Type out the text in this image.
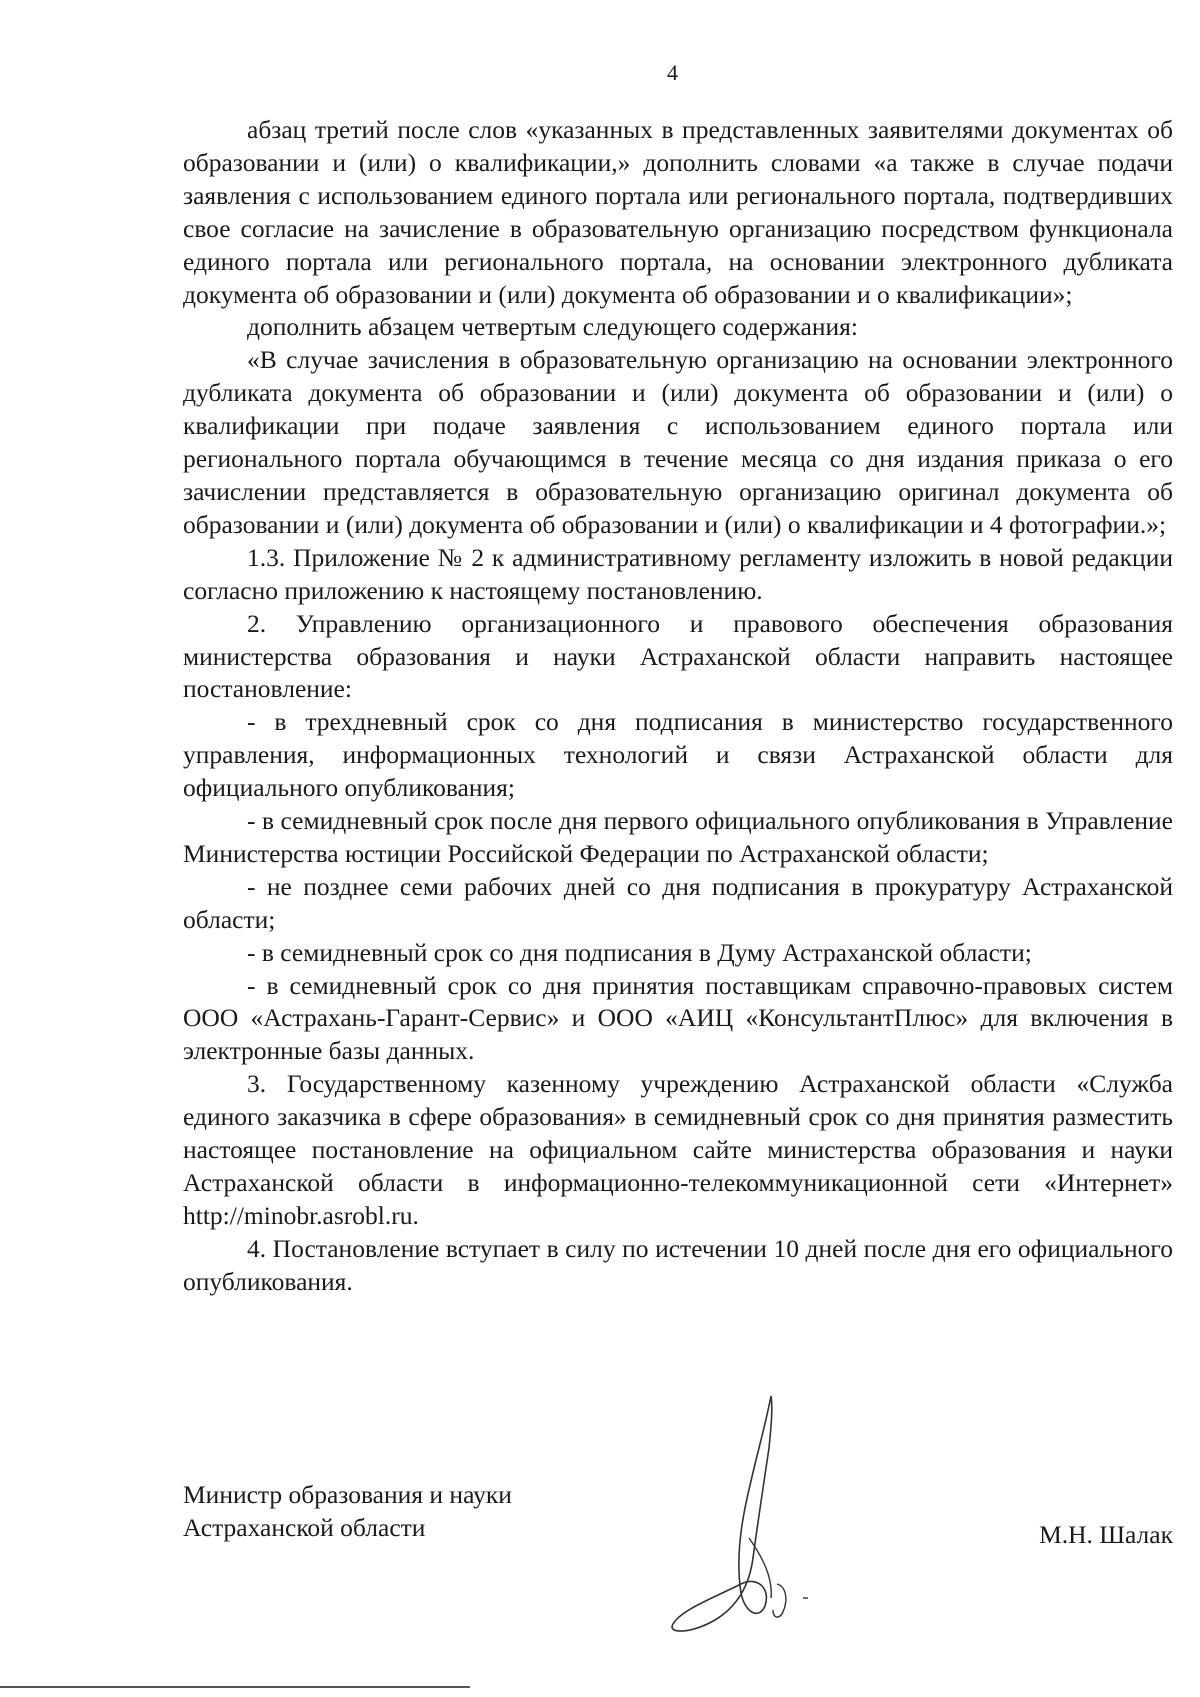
4

абзац третий после слов «указанных в представленных заявителями документах об образовании и (или) о квалификации,» дополнить словами «а также в случае подачи заявления с использованием единого портала или регионального портала, подтвердивших свое согласие на зачисление в образовательную организацию посредством функционала единого портала или регионального портала, на основании электронного дубликата документа об образовании и (или) документа об образовании и о квалификации»;

дополнить абзацем четвертым следующего содержания:

«В случае зачисления в образовательную организацию на основании электронного дубликата документа об образовании и (или) документа об образовании и (или) о квалификации при подаче заявления с использованием единого портала или регионального портала обучающимся в течение месяца со дня издания приказа о его зачислении представляется в образовательную организацию оригинал документа об образовании и (или) документа об образовании и (или) о квалификации и 4 фотографии.»;

1.3. Приложение № 2 к административному регламенту изложить в новой редакции согласно приложению к настоящему постановлению.

2. Управлению организационного и правового обеспечения образования министерства образования и науки Астраханской области направить настоящее постановление:

- в трехдневный срок со дня подписания в министерство государственного управления, информационных технологий и связи Астраханской области для официального опубликования;

- в семидневный срок после дня первого официального опубликования в Управление Министерства юстиции Российской Федерации по Астраханской области;

- не позднее семи рабочих дней со дня подписания в прокуратуру Астраханской области;

- в семидневный срок со дня подписания в Думу Астраханской области;

- в семидневный срок со дня принятия поставщикам справочно-правовых систем ООО «Астрахань-Гарант-Сервис» и ООО «АИЦ «КонсультантПлюс» для включения в электронные базы данных.

3. Государственному казенному учреждению Астраханской области «Служба единого заказчика в сфере образования» в семидневный срок со дня принятия разместить настоящее постановление на официальном сайте министерства образования и науки Астраханской области в информационно-телекоммуникационной сети «Интернет» http://minobr.asrobl.ru.

4. Постановление вступает в силу по истечении 10 дней после дня его официального опубликования.

Министр образования и науки
Астраханской области	М.Н. Шалак
